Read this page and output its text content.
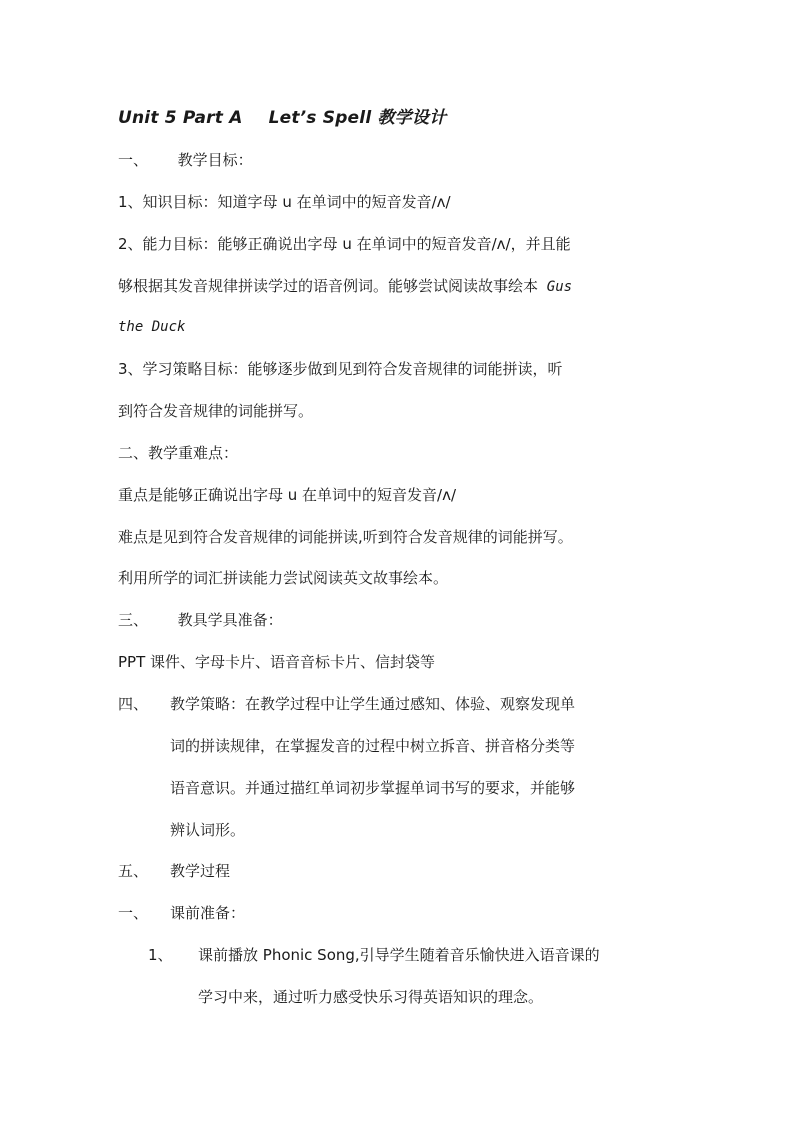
Unit 5 Part A Let’s Spell 教学设计
一、 教学目标：
1、知识目标：知道字母 u 在单词中的短音发音/ʌ/
2、能力目标：能够正确说出字母 u 在单词中的短音发音/ʌ/，并且能
够根据其发音规律拼读学过的语音例词。能够尝试阅读故事绘本 Gus
the Duck
3、学习策略目标：能够逐步做到见到符合发音规律的词能拼读，听
到符合发音规律的词能拼写。
二、教学重难点：
重点是能够正确说出字母 u 在单词中的短音发音/ʌ/
难点是见到符合发音规律的词能拼读,听到符合发音规律的词能拼写。
利用所学的词汇拼读能力尝试阅读英文故事绘本。
三、 教具学具准备：
PPT 课件、字母卡片、语音音标卡片、信封袋等
四、 教学策略：在教学过程中让学生通过感知、体验、观察发现单
词的拼读规律，在掌握发音的过程中树立拆音、拼音格分类等
语音意识。并通过描红单词初步掌握单词书写的要求，并能够
辨认词形。
五、 教学过程
一、 课前准备：
1、 课前播放 Phonic Song,引导学生随着音乐愉快进入语音课的
学习中来，通过听力感受快乐习得英语知识的理念。
